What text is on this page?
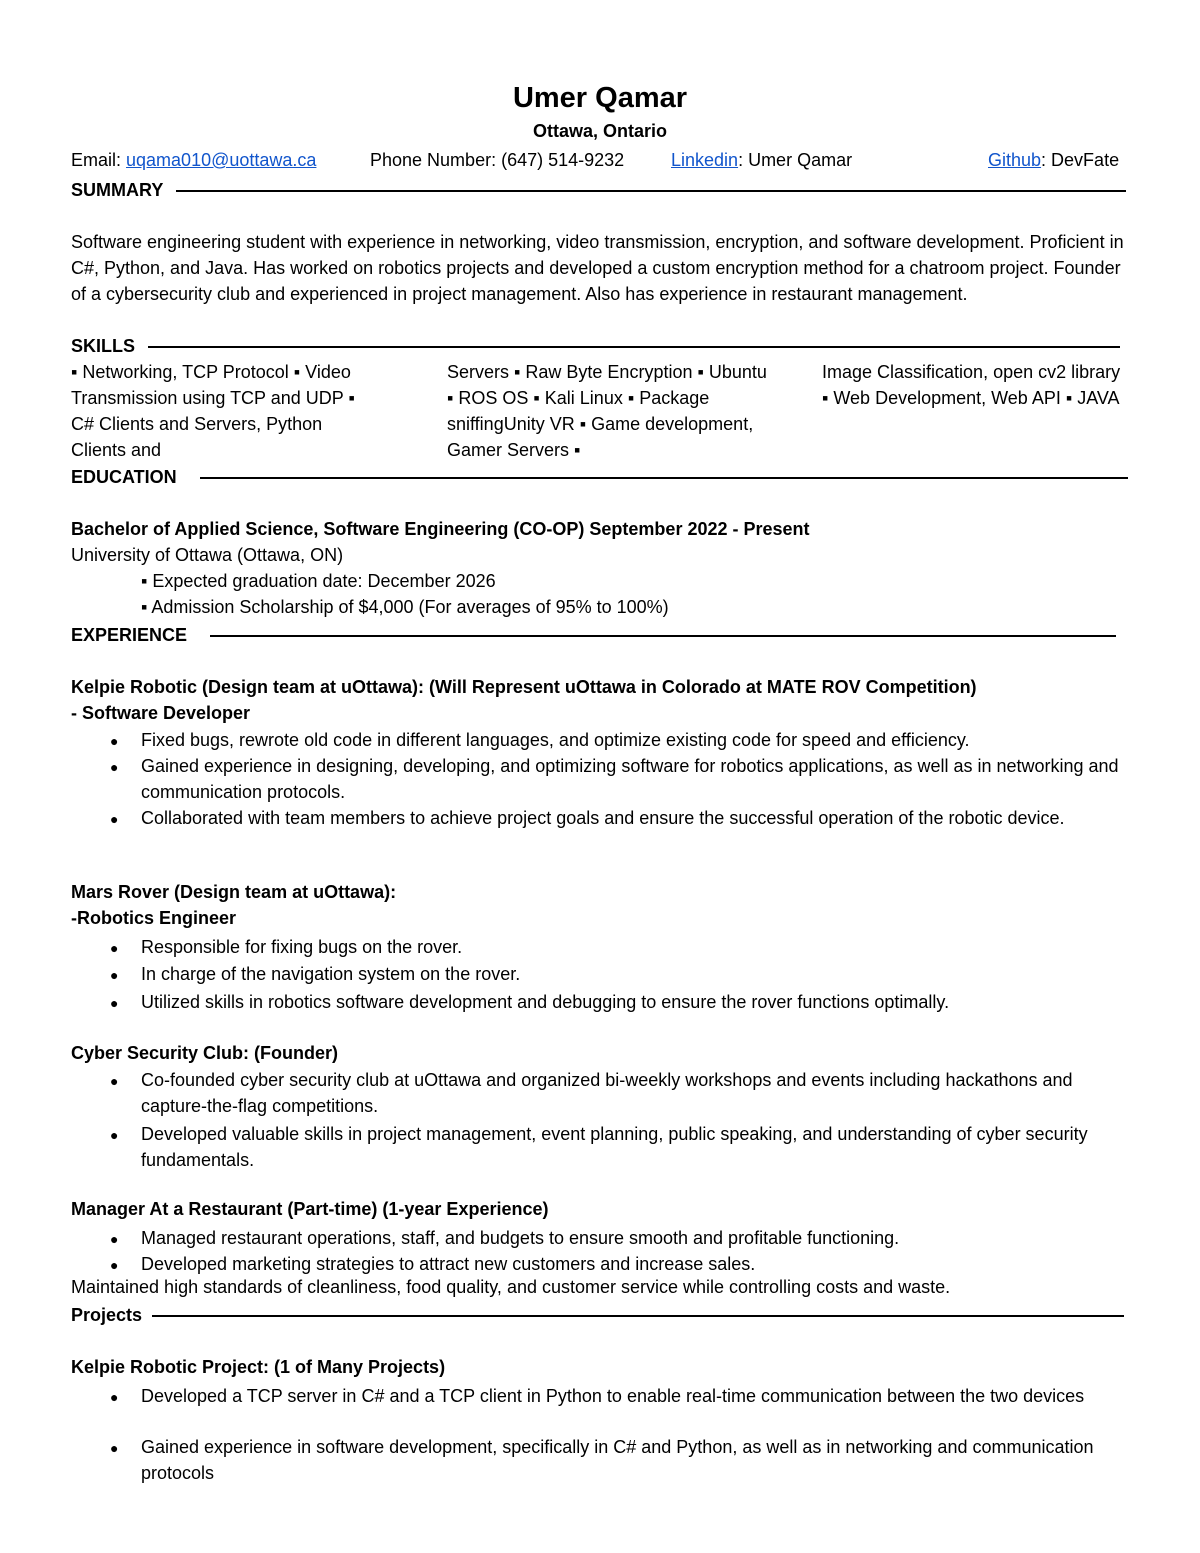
Umer Qamar
Ottawa, Ontario
Email: uqama010@uottawa.ca	Phone Number: (647) 514-9232	Linkedin: Umer Qamar	Github: DevFate
SUMMARY
Software engineering student with experience in networking, video transmission, encryption, and software development. Proficient in C#, Python, and Java. Has worked on robotics projects and developed a custom encryption method for a chatroom project. Founder of a cybersecurity club and experienced in project management. Also has experience in restaurant management.
SKILLS
▪ Networking, TCP Protocol ▪ Video Transmission using TCP and UDP ▪ C# Clients and Servers, Python Clients and
Servers ▪ Raw Byte Encryption ▪ Ubuntu ▪ ROS OS ▪ Kali Linux ▪ Package sniffingUnity VR ▪ Game development, Gamer Servers ▪
Image Classification, open cv2 library ▪ Web Development, Web API ▪ JAVA
EDUCATION
Bachelor of Applied Science, Software Engineering (CO-OP) September 2022 - Present
University of Ottawa (Ottawa, ON)
▪ Expected graduation date: December 2026
▪ Admission Scholarship of $4,000 (For averages of 95% to 100%)
EXPERIENCE
Kelpie Robotic (Design team at uOttawa): (Will Represent uOttawa in Colorado at MATE ROV Competition)
- Software Developer
● Fixed bugs, rewrote old code in different languages, and optimize existing code for speed and efficiency.
● Gained experience in designing, developing, and optimizing software for robotics applications, as well as in networking and communication protocols.
● Collaborated with team members to achieve project goals and ensure the successful operation of the robotic device.
Mars Rover (Design team at uOttawa):
-Robotics Engineer
● Responsible for fixing bugs on the rover.
● In charge of the navigation system on the rover.
● Utilized skills in robotics software development and debugging to ensure the rover functions optimally.
Cyber Security Club: (Founder)
● Co-founded cyber security club at uOttawa and organized bi-weekly workshops and events including hackathons and capture-the-flag competitions.
● Developed valuable skills in project management, event planning, public speaking, and understanding of cyber security fundamentals.
Manager At a Restaurant (Part-time) (1-year Experience)
● Managed restaurant operations, staff, and budgets to ensure smooth and profitable functioning.
● Developed marketing strategies to attract new customers and increase sales.
Maintained high standards of cleanliness, food quality, and customer service while controlling costs and waste.
Projects
Kelpie Robotic Project: (1 of Many Projects)
● Developed a TCP server in C# and a TCP client in Python to enable real-time communication between the two devices
● Gained experience in software development, specifically in C# and Python, as well as in networking and communication protocols
